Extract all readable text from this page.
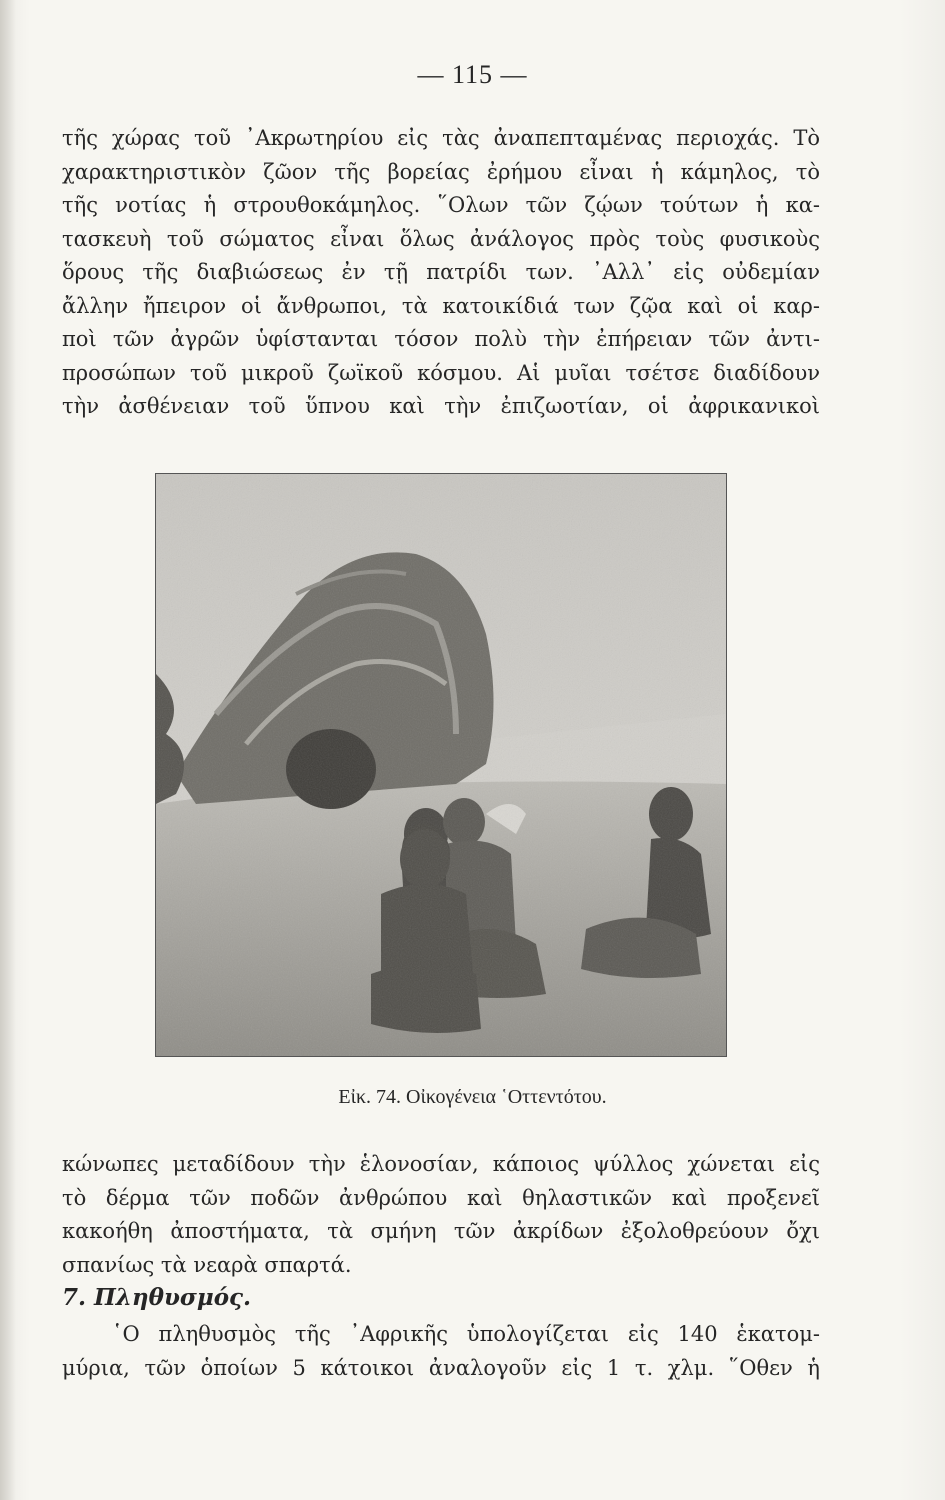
— 115 —
τῆς χώρας τοῦ ᾿Ακρωτηρίου εἰς τὰς ἀναπεπταμένας περιοχάς. Τὸ
χαρακτηριστικὸν ζῶον τῆς βορείας ἐρήμου εἶναι ἡ κάμηλος, τὸ
τῆς νοτίας ἡ στρουθοκάμηλος. ῞Ολων τῶν ζῴων τούτων ἡ κα-
τασκευὴ τοῦ σώματος εἶναι ὅλως ἀνάλογος πρὸς τοὺς φυσικοὺς
ὅρους τῆς διαβιώσεως ἐν τῇ πατρίδι των. ᾿Αλλ᾿ εἰς οὐδεμίαν
ἄλλην ἤπειρον οἱ ἄνθρωποι, τὰ κατοικίδιά των ζῷα καὶ οἱ καρ-
ποὶ τῶν ἀγρῶν ὑφίστανται τόσον πολὺ τὴν ἐπήρειαν τῶν ἀντι-
προσώπων τοῦ μικροῦ ζωϊκοῦ κόσμου. Αἱ μυῖαι τσέτσε διαδίδουν
τὴν ἀσθένειαν τοῦ ὕπνου καὶ τὴν ἐπιζωοτίαν, οἱ ἀφρικανικοὶ
Εἰκ. 74. Οἰκογένεια ῾Οττεντότου.
κώνωπες μεταδίδουν τὴν ἑλονοσίαν, κάποιος ψύλλος χώνεται εἰς
τὸ δέρμα τῶν ποδῶν ἀνθρώπου καὶ θηλαστικῶν καὶ προξενεῖ
κακοήθη ἀποστήματα, τὰ σμήνη τῶν ἀκρίδων ἐξολοθρεύουν ὄχι
σπανίως τὰ νεαρὰ σπαρτά.
7. Πληθυσμός.
῾Ο πληθυσμὸς τῆς ᾿Αφρικῆς ὑπολογίζεται εἰς 140 ἑκατομ-
μύρια, τῶν ὁποίων 5 κάτοικοι ἀναλογοῦν εἰς 1 τ. χλμ. ῞Οθεν ἡ
